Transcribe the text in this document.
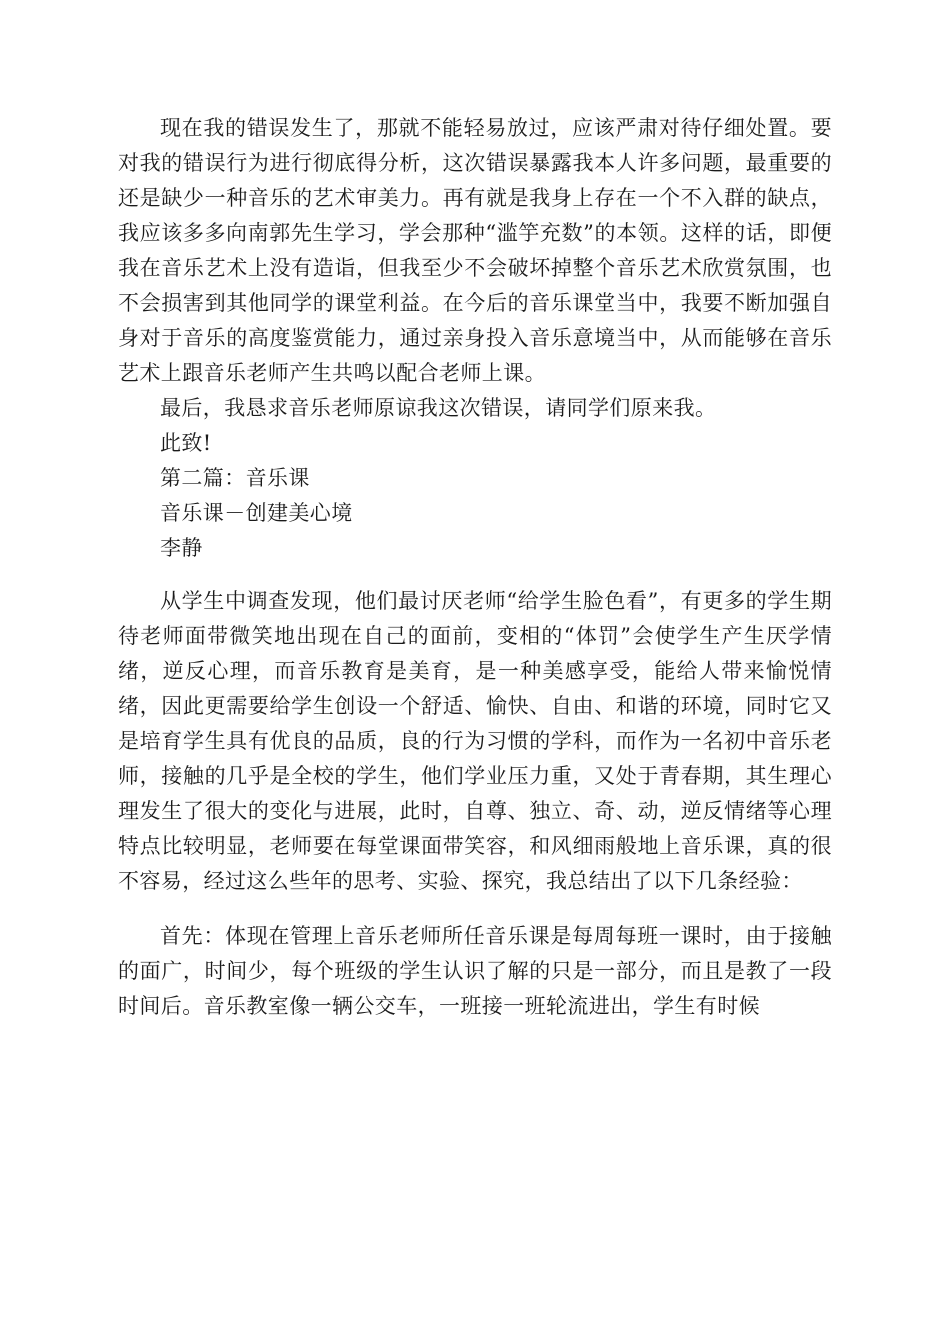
现在我的错误发生了，那就不能轻易放过，应该严肃对待仔细处置。要对我的错误行为进行彻底得分析，这次错误暴露我本人许多问题，最重要的还是缺少一种音乐的艺术审美力。再有就是我身上存在一个不入群的缺点，我应该多多向南郭先生学习，学会那种“滥竽充数”的本领。这样的话，即便我在音乐艺术上没有造诣，但我至少不会破坏掉整个音乐艺术欣赏氛围，也不会损害到其他同学的课堂利益。在今后的音乐课堂当中，我要不断加强自身对于音乐的高度鉴赏能力，通过亲身投入音乐意境当中，从而能够在音乐艺术上跟音乐老师产生共鸣以配合老师上课。

最后，我恳求音乐老师原谅我这次错误，请同学们原来我。

此致!

第二篇：音乐课

音乐课－创建美心境

李静

从学生中调查发现，他们最讨厌老师“给学生脸色看”，有更多的学生期待老师面带微笑地出现在自己的面前，变相的“体罚”会使学生产生厌学情绪，逆反心理，而音乐教育是美育，是一种美感享受，能给人带来愉悦情绪，因此更需要给学生创设一个舒适、愉快、自由、和谐的环境，同时它又是培育学生具有优良的品质，良的行为习惯的学科，而作为一名初中音乐老师，接触的几乎是全校的学生，他们学业压力重，又处于青春期，其生理心理发生了很大的变化与进展，此时，自尊、独立、奇、动，逆反情绪等心理特点比较明显，老师要在每堂课面带笑容，和风细雨般地上音乐课，真的很不容易，经过这么些年的思考、实验、探究，我总结出了以下几条经验：

首先：体现在管理上音乐老师所任音乐课是每周每班一课时，由于接触的面广，时间少，每个班级的学生认识了解的只是一部分，而且是教了一段时间后。音乐教室像一辆公交车，一班接一班轮流进出，学生有时候
